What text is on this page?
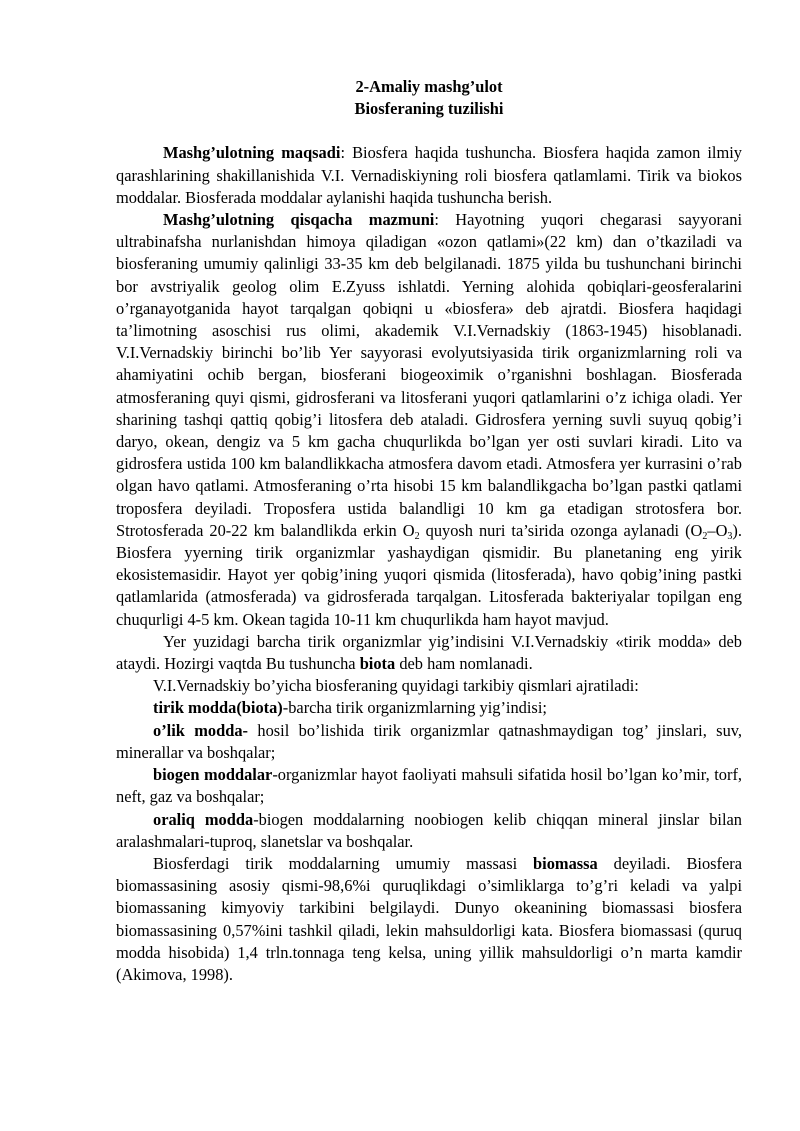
2-Amaliy mashg’ulot

Biosferaning tuzilishi

Mashg’ulotning maqsadi: Biosfera haqida tushuncha. Biosfera haqida zamon ilmiy qarashlarining shakillanishida V.I. Vernadiskiyning roli biosfera qatlamlami. Tirik va biokos moddalar. Biosferada moddalar aylanishi haqida tushuncha berish.

Mashg’ulotning qisqacha mazmuni: Hayotning yuqori chegarasi sayyorani ultrabinafsha nurlanishdan himoya qiladigan «ozon qatlami»(22 km) dan o’tkaziladi va biosferaning umumiy qalinligi 33-35 km deb belgilanadi. 1875 yilda bu tushunchani birinchi bor avstriyalik geolog olim E.Zyuss ishlatdi. Yerning alohida qobiqlari-geosferalarini o’rganayotganida hayot tarqalgan qobiqni u «biosfera» deb ajratdi. Biosfera haqidagi ta’limotning asoschisi rus olimi, akademik V.I.Vernadskiy (1863-1945) hisoblanadi. V.I.Vernadskiy birinchi bo’lib Yer sayyorasi evolyutsiyasida tirik organizmlarning roli va ahamiyatini ochib bergan, biosferani biogeoximik o’rganishni boshlagan. Biosferada atmosferaning quyi qismi, gidrosferani va litosferani yuqori qatlamlarini o’z ichiga oladi. Yer sharining tashqi qattiq qobig’i litosfera deb ataladi. Gidrosfera yerning suvli suyuq qobig’i daryo, okean, dengiz va 5 km gacha chuqurlikda bo’lgan yer osti suvlari kiradi. Lito va gidrosfera ustida 100 km balandlikkacha atmosfera davom etadi. Atmosfera yer kurrasini o’rab olgan havo qatlami. Atmosferaning o’rta hisobi 15 km balandlikgacha bo’lgan pastki qatlami troposfera deyiladi. Troposfera ustida balandligi 10 km ga etadigan strotosfera bor. Strotosferada 20-22 km balandlikda erkin $O_2$ quyosh nuri ta’sirida ozonga aylanadi $(O_2-O_3)$. Biosfera yyerning tirik organizmlar yashaydigan qismidir. Bu planetaning eng yirik ekosistemasidir. Hayot yer qobig’ining yuqori qismida (litosferada), havo qobig’ining pastki qatlamlarida (atmosferada) va gidrosferada tarqalgan. Litosferada bakteriyalar topilgan eng chuqurligi 4-5 km. Okean tagida 10-11 km chuqurlikda ham hayot mavjud.

Yer yuzidagi barcha tirik organizmlar yig’indisini V.I.Vernadskiy «tirik modda» deb ataydi. Hozirgi vaqtda Bu tushuncha biota deb ham nomlanadi.

V.I.Vernadskiy bo’yicha biosferaning quyidagi tarkibiy qismlari ajratiladi:

tirik modda(biota)-barcha tirik organizmlarning yig’indisi;

o’lik modda- hosil bo’lishida tirik organizmlar qatnashmaydigan tog’ jinslari, suv, minerallar va boshqalar;

biogen moddalar-organizmlar hayot faoliyati mahsuli sifatida hosil bo’lgan ko’mir, torf, neft, gaz va boshqalar;

oraliq modda-biogen moddalarning noobiogen kelib chiqqan mineral jinslar bilan aralashmalari-tuproq, slanetslar va boshqalar.

Biosferdagi tirik moddalarning umumiy massasi biomassa deyiladi. Biosfera biomassasining asosiy qismi-98,6%i quruqlikdagi o’simliklarga to’g’ri keladi va yalpi biomassaning kimyoviy tarkibini belgilaydi. Dunyo okeanining biomassasi biosfera biomassasining 0,57%ini tashkil qiladi, lekin mahsuldorligi kata. Biosfera biomassasi (quruq modda hisobida) 1,4 trln.tonnaga teng kelsa, uning yillik mahsuldorligi o’n marta kamdir (Akimova, 1998).
